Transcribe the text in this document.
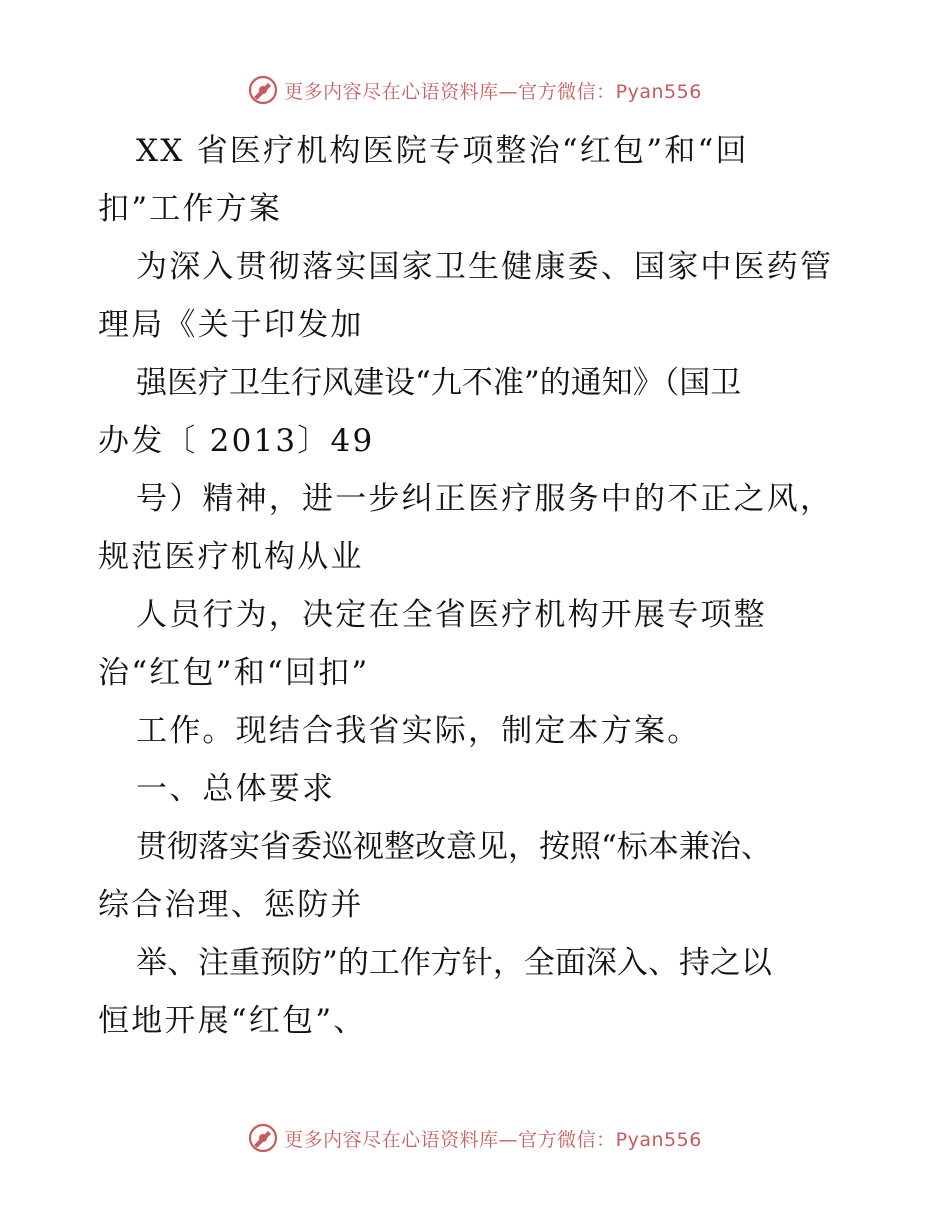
更多内容尽在心语资料库—官方微信：Pyan556
XX 省医疗机构医院专项整治“红包”和“回
扣”工作方案
为深入贯彻落实国家卫生健康委、国家中医药管
理局《关于印发加
强医疗卫生行风建设“九不准”的通知》（国卫
办发〔 2013〕49
号）精神，进一步纠正医疗服务中的不正之风，
规范医疗机构从业
人员行为，决定在全省医疗机构开展专项整
治“红包”和“回扣”
工作。现结合我省实际，制定本方案。
一、总体要求
贯彻落实省委巡视整改意见，按照“标本兼治、
综合治理、惩防并
举、注重预防”的工作方针，全面深入、持之以
恒地开展“红包”、
更多内容尽在心语资料库—官方微信：Pyan556
